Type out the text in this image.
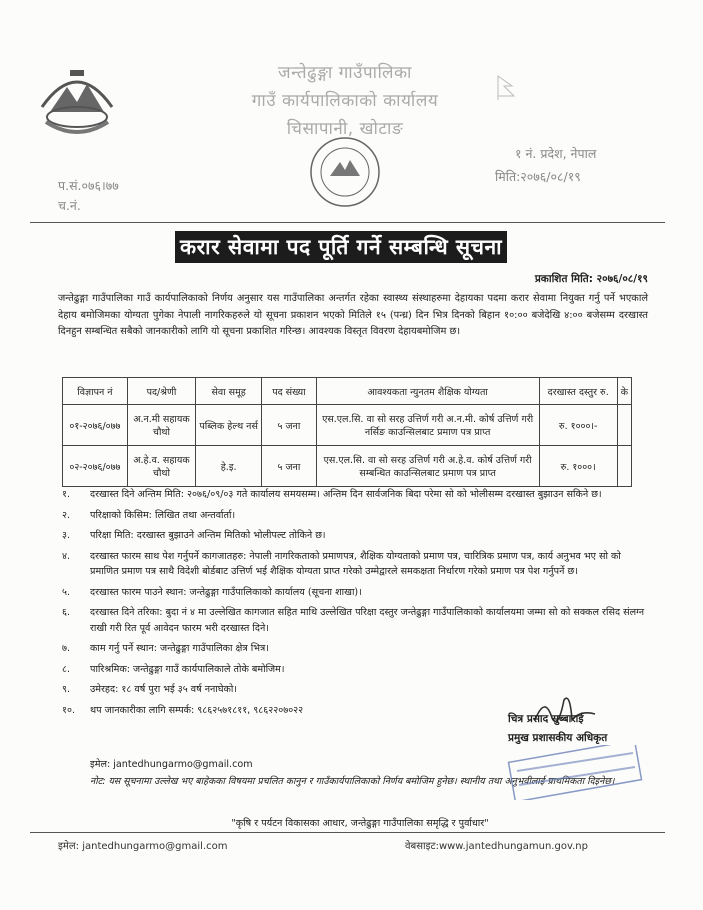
जन्तेढुङ्गा गाउँपालिका
गाउँ कार्यपालिकाको कार्यालय
चिसापानी, खोटाङ
१ नं. प्रदेश, नेपाल
मिति:२०७६/०८/१९
प.सं.०७६।७७
च.नं.
करार सेवामा पद पूर्ति गर्ने सम्बन्धि सूचना
प्रकाशित मिति: २०७६/०८/१९
जन्तेढुङ्गा गाउँपालिका गाउँ कार्यपालिकाको निर्णय अनुसार यस गाउँपालिका अन्तर्गत रहेका स्वास्थ्य संस्थाहरुमा देहायका पदमा करार सेवामा नियुक्त गर्नु पर्ने भएकाले देहाय बमोजिमका योग्यता पुगेका नेपाली नागरिकहरुले यो सूचना प्रकाशन भएको मितिले १५ (पन्ध्र) दिन भित्र दिनको बिहान १०:०० बजेदेखि ४:०० बजेसम्म दरखास्त दिनहुन सम्बन्धित सबैको जानकारीको लागि यो सूचना प्रकाशित गरिन्छ। आवश्यक विस्तृत विवरण देहायबमोजिम छ।
विज्ञापन नं	पद/श्रेणी	सेवा समूह	पद संख्या	आवश्यकता न्युनतम शैक्षिक योग्यता	दरखास्त दस्तुर रु.	के
०१-२०७६/०७७	अ.न.मी सहायक चौथो	पब्लिक हेल्थ नर्स	५ जना	एस.एल.सि. वा सो सरह उत्तिर्ण गरी अ.न.मी. कोर्ष उत्तिर्ण गरी नर्सिङ काउन्सिलबाट प्रमाण पत्र प्राप्त	रु. १०००।-	
०२-२०७६/०७७	अ.हे.व. सहायक चौथो	हे.इ.	५ जना	एस.एल.सि. वा सो सरह उत्तिर्ण गरी अ.हे.व. कोर्ष उत्तिर्ण गरी सम्बन्धित काउन्सिलबाट प्रमाण पत्र प्राप्त	रु. १०००।	
१. दरखास्त दिने अन्तिम मिति: २०७६/०९/०३ गते कार्यालय समयसम्म। अन्तिम दिन सार्वजनिक बिदा परेमा सो को भोलीसम्म दरखास्त बुझाउन सकिने छ।
२. परिक्षाको किसिम: लिखित तथा अन्तर्वार्ता।
३. परिक्षा मिति: दरखास्त बुझाउने अन्तिम मितिको भोलीपल्ट तोकिने छ।
४. दरखास्त फारम साथ पेश गर्नुपर्ने कागजातहरु: नेपाली नागरिकताको प्रमाणपत्र, शैक्षिक योग्यताको प्रमाण पत्र, चारित्रिक प्रमाण पत्र, कार्य अनुभव भए सो को प्रमाणित प्रमाण पत्र साथै विदेशी बोर्डबाट उत्तिर्ण भई शैक्षिक योग्यता प्राप्त गरेको उम्मेद्वारले समकक्षता निर्धारण गरेको प्रमाण पत्र पेश गर्नुपर्ने छ।
५. दरखास्त फारम पाउने स्थान: जन्तेढुङ्गा गाउँपालिकाको कार्यालय (सूचना शाखा)।
६. दरखास्त दिने तरिका: बुदा नं ४ मा उल्लेखित कागजात सहित माथि उल्लेखित परिक्षा दस्तुर जन्तेढुङ्गा गाउँपालिकाको कार्यालयमा जम्मा सो को सक्कल रसिद संलग्न राखी गरी रित पूर्व आवेदन फारम भरी दरखास्त दिने।
७. काम गर्नु पर्ने स्थान: जन्तेढुङ्गा गाउँपालिका क्षेत्र भित्र।
८. पारिश्रमिक: जन्तेढुङ्गा गाउँ कार्यपालिकाले तोके बमोजिम।
९. उमेरहद: १८ वर्ष पुरा भई ३५ वर्ष ननाघेको।
१०. थप जानकारीका लागि सम्पर्क: ९८६२५७१८११, ९८६२२०७०२२
इमेल: jantedhungarmo@gmail.com
नोट: यस सूचनामा उल्लेख भए बाहेकका विषयमा प्रचलित कानुन र गाउँकार्यपालिकाको निर्णय बमोजिम हुनेछ। स्थानीय तथा अनुभवीलाई प्राथमिकता दिइनेछ।
चित्र प्रसाद सुब्बाराई
प्रमुख प्रशासकीय अधिकृत
"कृषि र पर्यटन विकासका आधार, जन्तेढुङ्गा गाउँपालिका समृद्धि र पुर्वाधार"
इमेल: jantedhungarmo@gmail.com	वेबसाइट:www.jantedhungamun.gov.np
